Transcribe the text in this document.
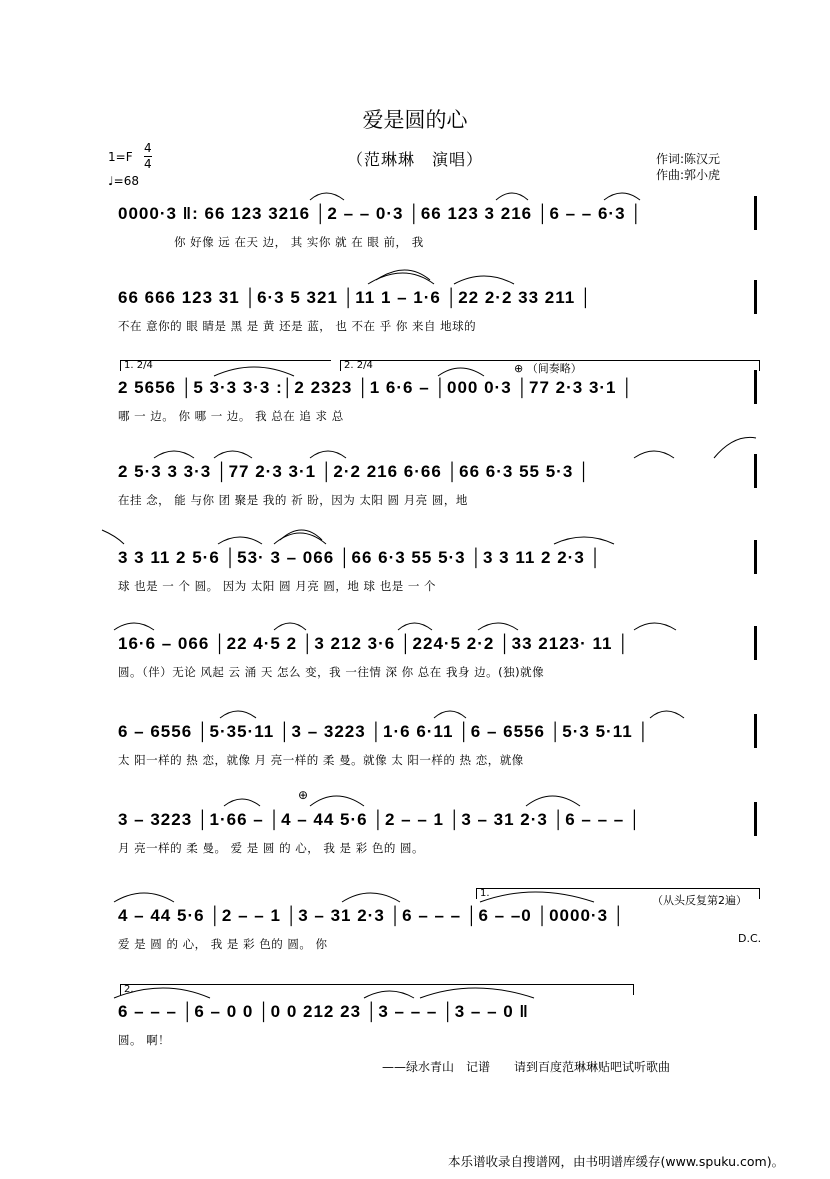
爱是圆的心
（范琳琳　演唱）
1=F
4
4
♩=68
作词:陈汉元
作曲:郭小虎
0000·3 ‖: 66 123 3216 │2 – – 0·3 │66 123 3 216 │6 – – 6·3 │
你 好像 远 在天 边， 其 实你 就 在 眼 前， 我
66 666 123 31 │6·3 5 321 │11 1 – 1·6 │22 2·2 33 211 │
不在 意你的 眼 睛是 黑 是 黄 还是 蓝， 也 不在 乎 你 来自 地球的
1. 2/4	2. 2/4	⊕ （间奏略）
2 5656 │5 3·3 3·3 :│2 2323 │1 6·6 – │000 0·3 │77 2·3 3·1 │
哪 一 边。 你 哪 一 边。 我 总在 追 求 总
2 5·3 3 3·3 │77 2·3 3·1 │2·2 216 6·66 │66 6·3 55 5·3 │
在挂 念， 能 与你 团 聚是 我的 祈 盼，因为 太阳 圆 月亮 圆，地
3 3 11 2 5·6 │53· 3 – 066 │66 6·3 55 5·3 │3 3 11 2 2·3 │
球 也是 一 个 圆。 因为 太阳 圆 月亮 圆，地 球 也是 一 个
16·6 – 066 │22 4·5 2 │3 212 3·6 │224·5 2·2 │33 2123· 11 │
圆。（伴）无论 风起 云 涌 天 怎么 变，我 一往情 深 你 总在 我身 边。(独)就像
6 – 6556 │5·35·11 │3 – 3223 │1·6 6·11 │6 – 6556 │5·3 5·11 │
太 阳一样的 热 恋，就像 月 亮一样的 柔 曼。就像 太 阳一样的 热 恋，就像
⊕
3 – 3223 │1·66 – │4 – 44 5·6 │2 – – 1 │3 – 31 2·3 │6 – – – │
月 亮一样的 柔 曼。 爱 是 圆 的 心， 我 是 彩 色的 圆。
1.
（从头反复第2遍）
D.C.
4 – 44 5·6 │2 – – 1 │3 – 31 2·3 │6 – – – │6 – –0 │0000·3 │
爱 是 圆 的 心， 我 是 彩 色的 圆。 你
2.
6 – – – │6 – 0 0 │0 0 212 23 │3 – – – │3 – – 0 ‖
圆。 啊！
——绿水青山　记谱　　请到百度范琳琳贴吧试听歌曲
本乐谱收录自搜谱网，由书明谱库缓存(www.spuku.com)。
